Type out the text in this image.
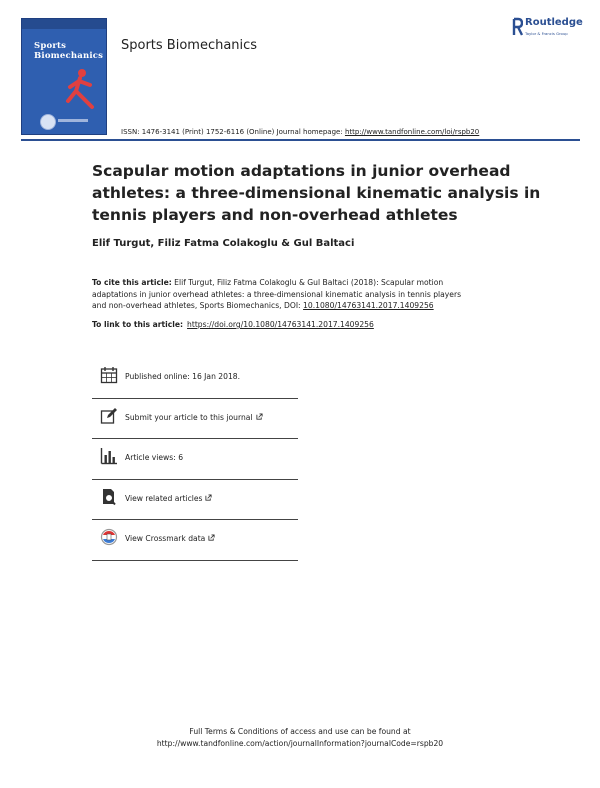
Sports
Biomechanics
Sports Biomechanics
Routledge
Taylor & Francis Group
ISSN: 1476-3141 (Print) 1752-6116 (Online) Journal homepage: http://www.tandfonline.com/loi/rspb20
Scapular motion adaptations in junior overhead
athletes: a three-dimensional kinematic analysis in
tennis players and non-overhead athletes
Elif Turgut, Filiz Fatma Colakoglu & Gul Baltaci
To cite this article: Elif Turgut, Filiz Fatma Colakoglu & Gul Baltaci (2018): Scapular motion
adaptations in junior overhead athletes: a three-dimensional kinematic analysis in tennis players
and non-overhead athletes, Sports Biomechanics, DOI: 10.1080/14763141.2017.1409256
To link to this article: https://doi.org/10.1080/14763141.2017.1409256
Published online: 16 Jan 2018.
Submit your article to this journal
Article views: 6
View related articles
View Crossmark data
Full Terms & Conditions of access and use can be found at
http://www.tandfonline.com/action/journalInformation?journalCode=rspb20
